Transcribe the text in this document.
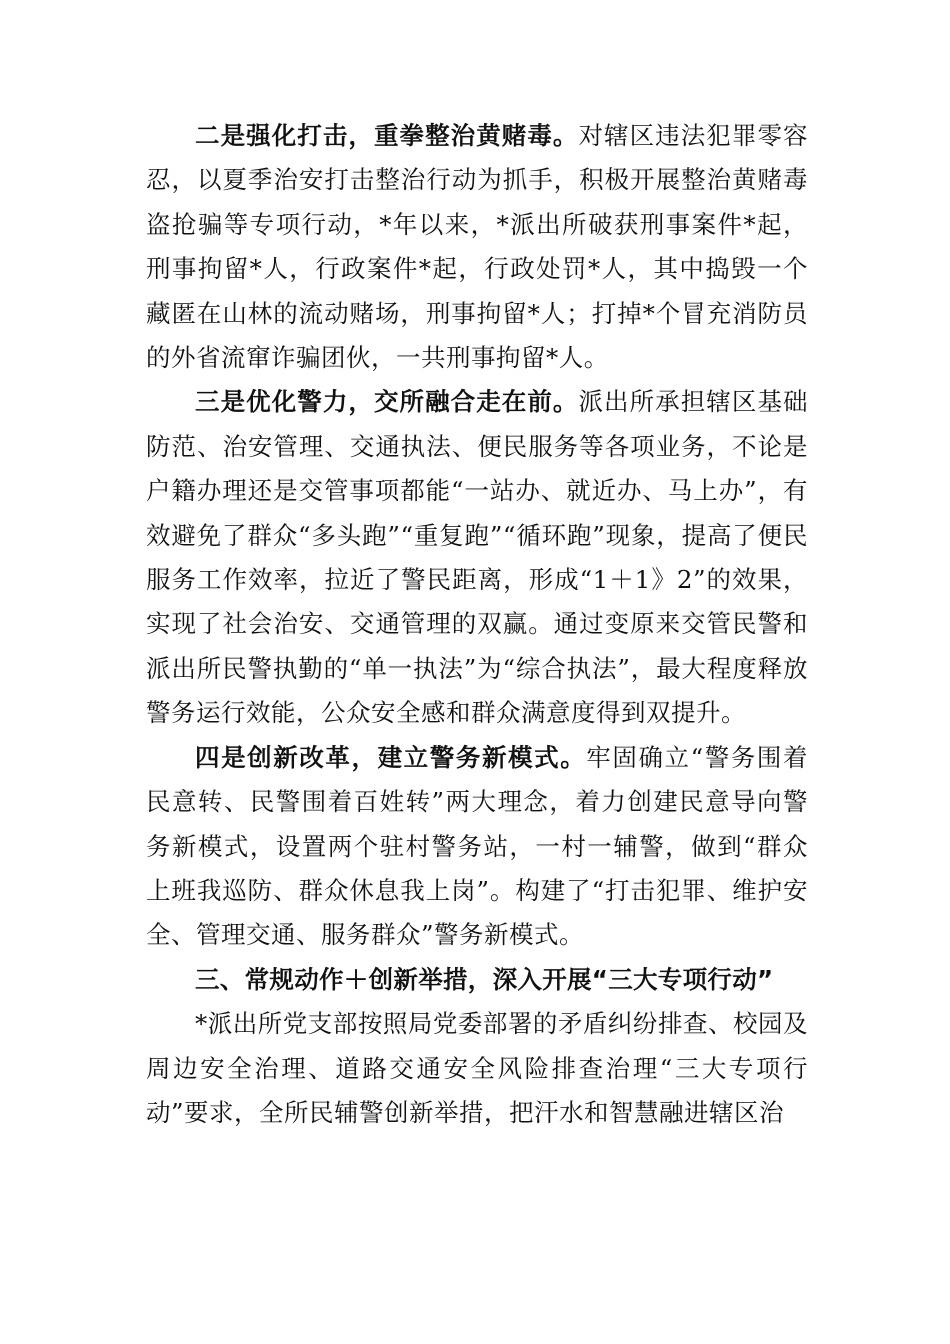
二是强化打击，重拳整治黄赌毒。对辖区违法犯罪零容忍，以夏季治安打击整治行动为抓手，积极开展整治黄赌毒盗抢骗等专项行动，*年以来，*派出所破获刑事案件*起，刑事拘留*人，行政案件*起，行政处罚*人，其中捣毁一个藏匿在山林的流动赌场，刑事拘留*人；打掉*个冒充消防员的外省流窜诈骗团伙，一共刑事拘留*人。

三是优化警力，交所融合走在前。派出所承担辖区基础防范、治安管理、交通执法、便民服务等各项业务，不论是户籍办理还是交管事项都能“一站办、就近办、马上办”，有效避免了群众“多头跑”“重复跑”“循环跑”现象，提高了便民服务工作效率，拉近了警民距离，形成“1＋1》2”的效果，实现了社会治安、交通管理的双赢。通过变原来交管民警和派出所民警执勤的“单一执法”为“综合执法”，最大程度释放警务运行效能，公众安全感和群众满意度得到双提升。

四是创新改革，建立警务新模式。牢固确立“警务围着民意转、民警围着百姓转”两大理念，着力创建民意导向警务新模式，设置两个驻村警务站，一村一辅警，做到“群众上班我巡防、群众休息我上岗”。构建了“打击犯罪、维护安全、管理交通、服务群众”警务新模式。

三、常规动作＋创新举措，深入开展“三大专项行动”

*派出所党支部按照局党委部署的矛盾纠纷排查、校园及周边安全治理、道路交通安全风险排查治理“三大专项行动”要求，全所民辅警创新举措，把汗水和智慧融进辖区治
